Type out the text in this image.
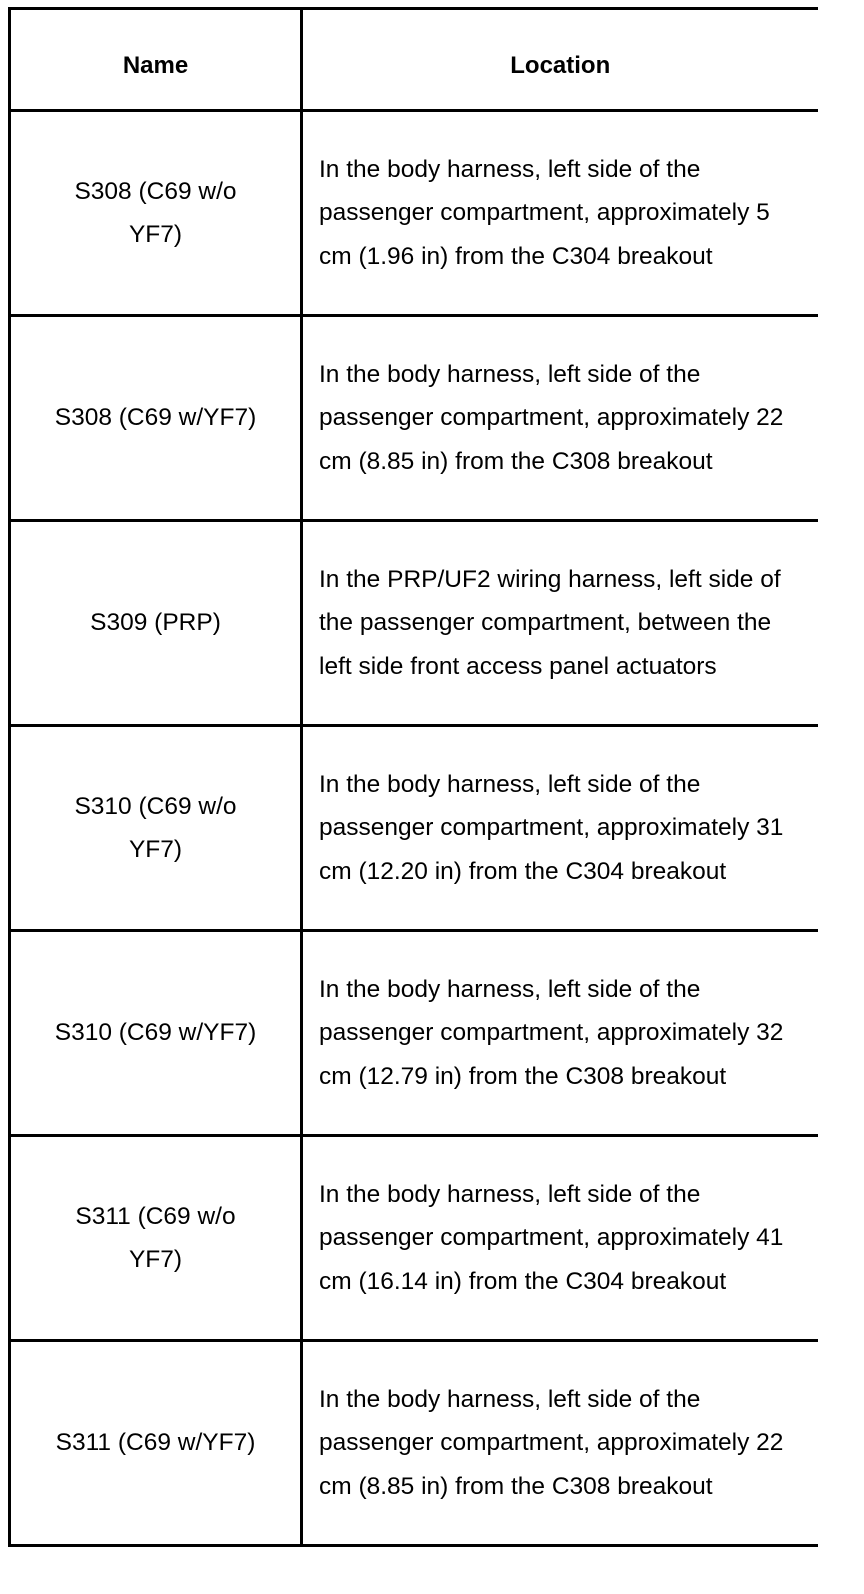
Name	Location
S308 (C69 w/o YF7)	In the body harness, left side of the passenger compartment, approximately 5 cm (1.96 in) from the C304 breakout
S308 (C69 w/YF7)	In the body harness, left side of the passenger compartment, approximately 22 cm (8.85 in) from the C308 breakout
S309 (PRP)	In the PRP/UF2 wiring harness, left side of the passenger compartment, between the left side front access panel actuators
S310 (C69 w/o YF7)	In the body harness, left side of the passenger compartment, approximately 31 cm (12.20 in) from the C304 breakout
S310 (C69 w/YF7)	In the body harness, left side of the passenger compartment, approximately 32 cm (12.79 in) from the C308 breakout
S311 (C69 w/o YF7)	In the body harness, left side of the passenger compartment, approximately 41 cm (16.14 in) from the C304 breakout
S311 (C69 w/YF7)	In the body harness, left side of the passenger compartment, approximately 22 cm (8.85 in) from the C308 breakout
